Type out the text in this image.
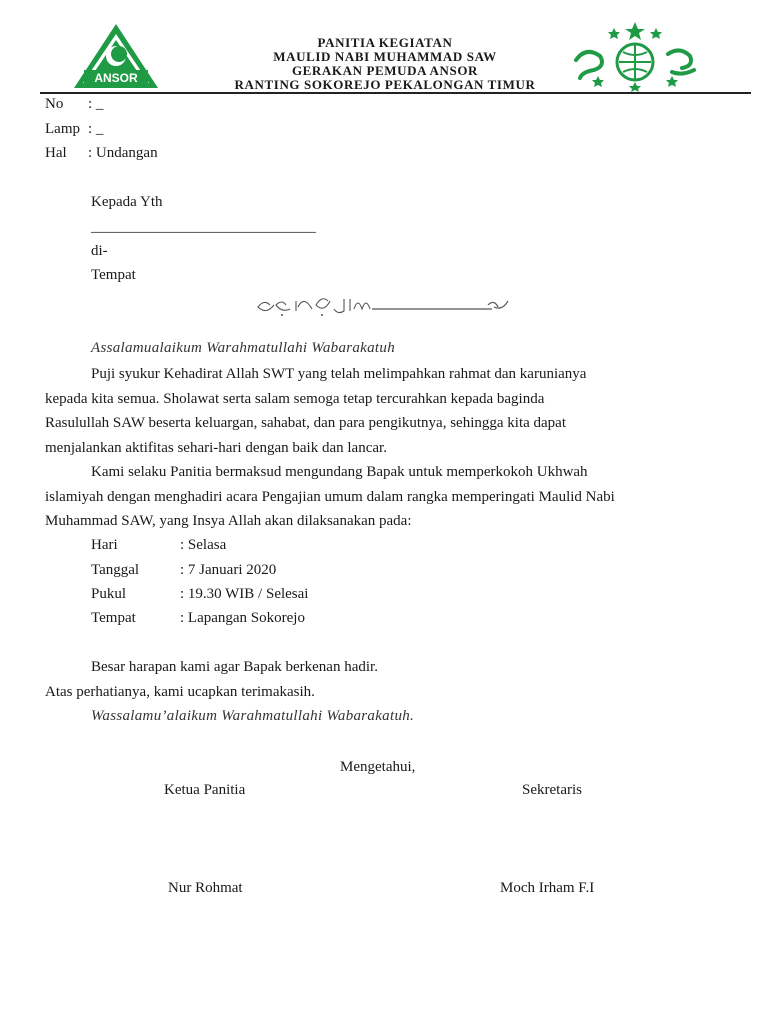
ANSOR
PANITIA KEGIATAN
MAULID NABI MUHAMMAD SAW
GERAKAN PEMUDA ANSOR
RANTING SOKOREJO PEKALONGAN TIMUR
No : _
Lamp : _
Hal : Undangan
Kepada Yth
______________________________
di-
Tempat
Assalamualaikum Warahmatullahi Wabarakatuh
Puji syukur Kehadirat Allah SWT yang telah melimpahkan rahmat dan karunianya
kepada kita semua. Sholawat serta salam semoga tetap tercurahkan kepada baginda
Rasulullah SAW beserta keluargan, sahabat, dan para pengikutnya, sehingga kita dapat
menjalankan aktifitas sehari-hari dengan baik dan lancar.
Kami selaku Panitia bermaksud mengundang Bapak untuk memperkokoh Ukhwah
islamiyah dengan menghadiri acara Pengajian umum dalam rangka memperingati Maulid Nabi
Muhammad SAW, yang Insya Allah akan dilaksanakan pada:
Hari	: Selasa
Tanggal	: 7 Januari 2020
Pukul	: 19.30 WIB / Selesai
Tempat	: Lapangan Sokorejo
Besar harapan kami agar Bapak berkenan hadir.
Atas perhatianya, kami ucapkan terimakasih.
Wassalamu’alaikum Warahmatullahi Wabarakatuh.
Mengetahui,
Ketua Panitia	Sekretaris
Nur Rohmat	Moch Irham F.I
